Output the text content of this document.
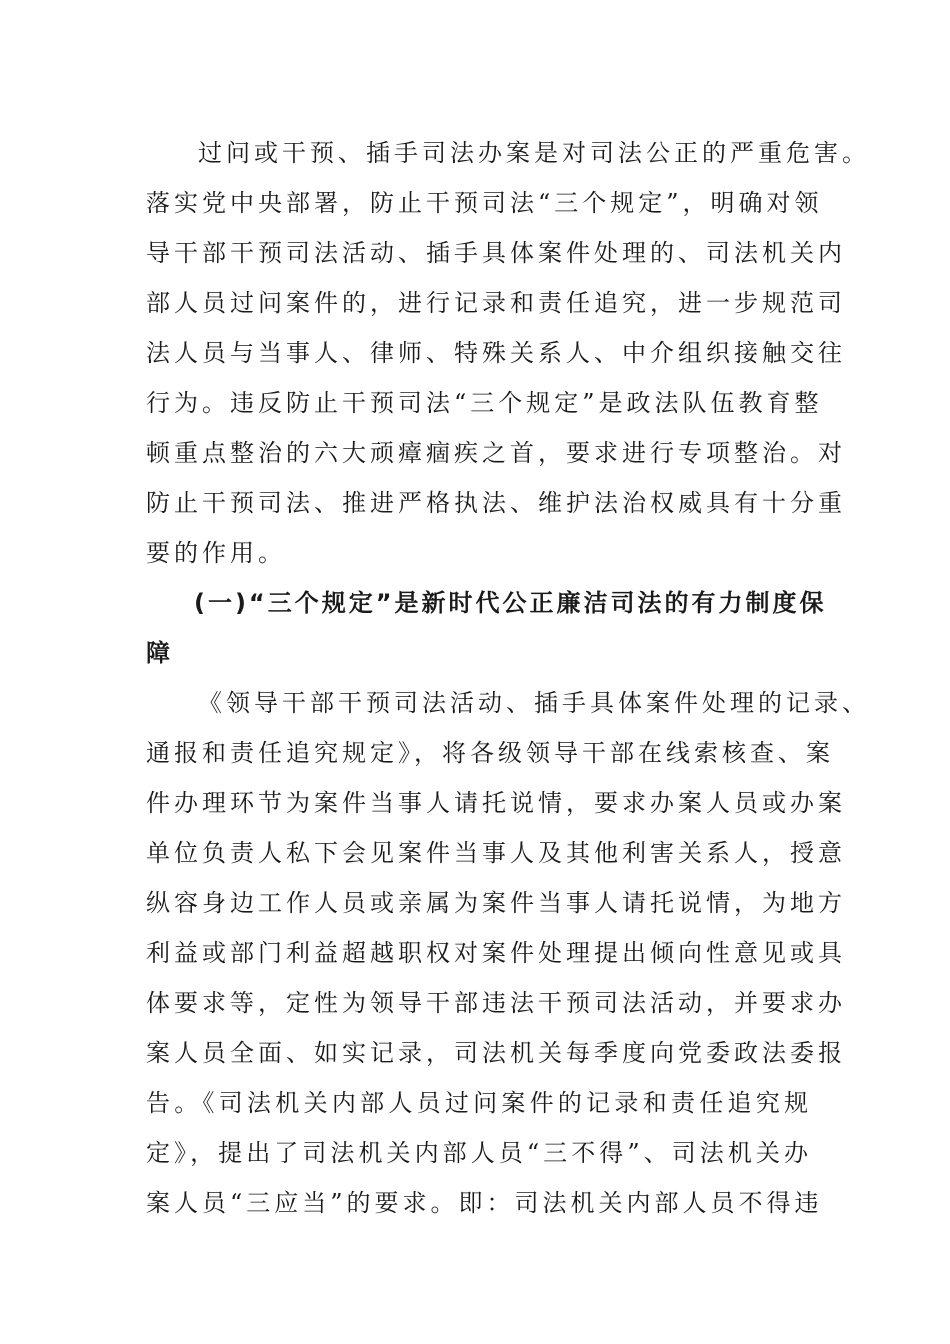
过问或干预、插手司法办案是对司法公正的严重危害。
落实党中央部署，防止干预司法“三个规定”，明确对领
导干部干预司法活动、插手具体案件处理的、司法机关内
部人员过问案件的，进行记录和责任追究，进一步规范司
法人员与当事人、律师、特殊关系人、中介组织接触交往
行为。违反防止干预司法“三个规定”是政法队伍教育整
顿重点整治的六大顽瘴痼疾之首，要求进行专项整治。对
防止干预司法、推进严格执法、维护法治权威具有十分重
要的作用。

(一)“三个规定”是新时代公正廉洁司法的有力制度保
障

《领导干部干预司法活动、插手具体案件处理的记录、
通报和责任追究规定》，将各级领导干部在线索核查、案
件办理环节为案件当事人请托说情，要求办案人员或办案
单位负责人私下会见案件当事人及其他利害关系人，授意
纵容身边工作人员或亲属为案件当事人请托说情，为地方
利益或部门利益超越职权对案件处理提出倾向性意见或具
体要求等，定性为领导干部违法干预司法活动，并要求办
案人员全面、如实记录，司法机关每季度向党委政法委报
告。《司法机关内部人员过问案件的记录和责任追究规
定》，提出了司法机关内部人员“三不得”、司法机关办
案人员“三应当”的要求。即：司法机关内部人员不得违
